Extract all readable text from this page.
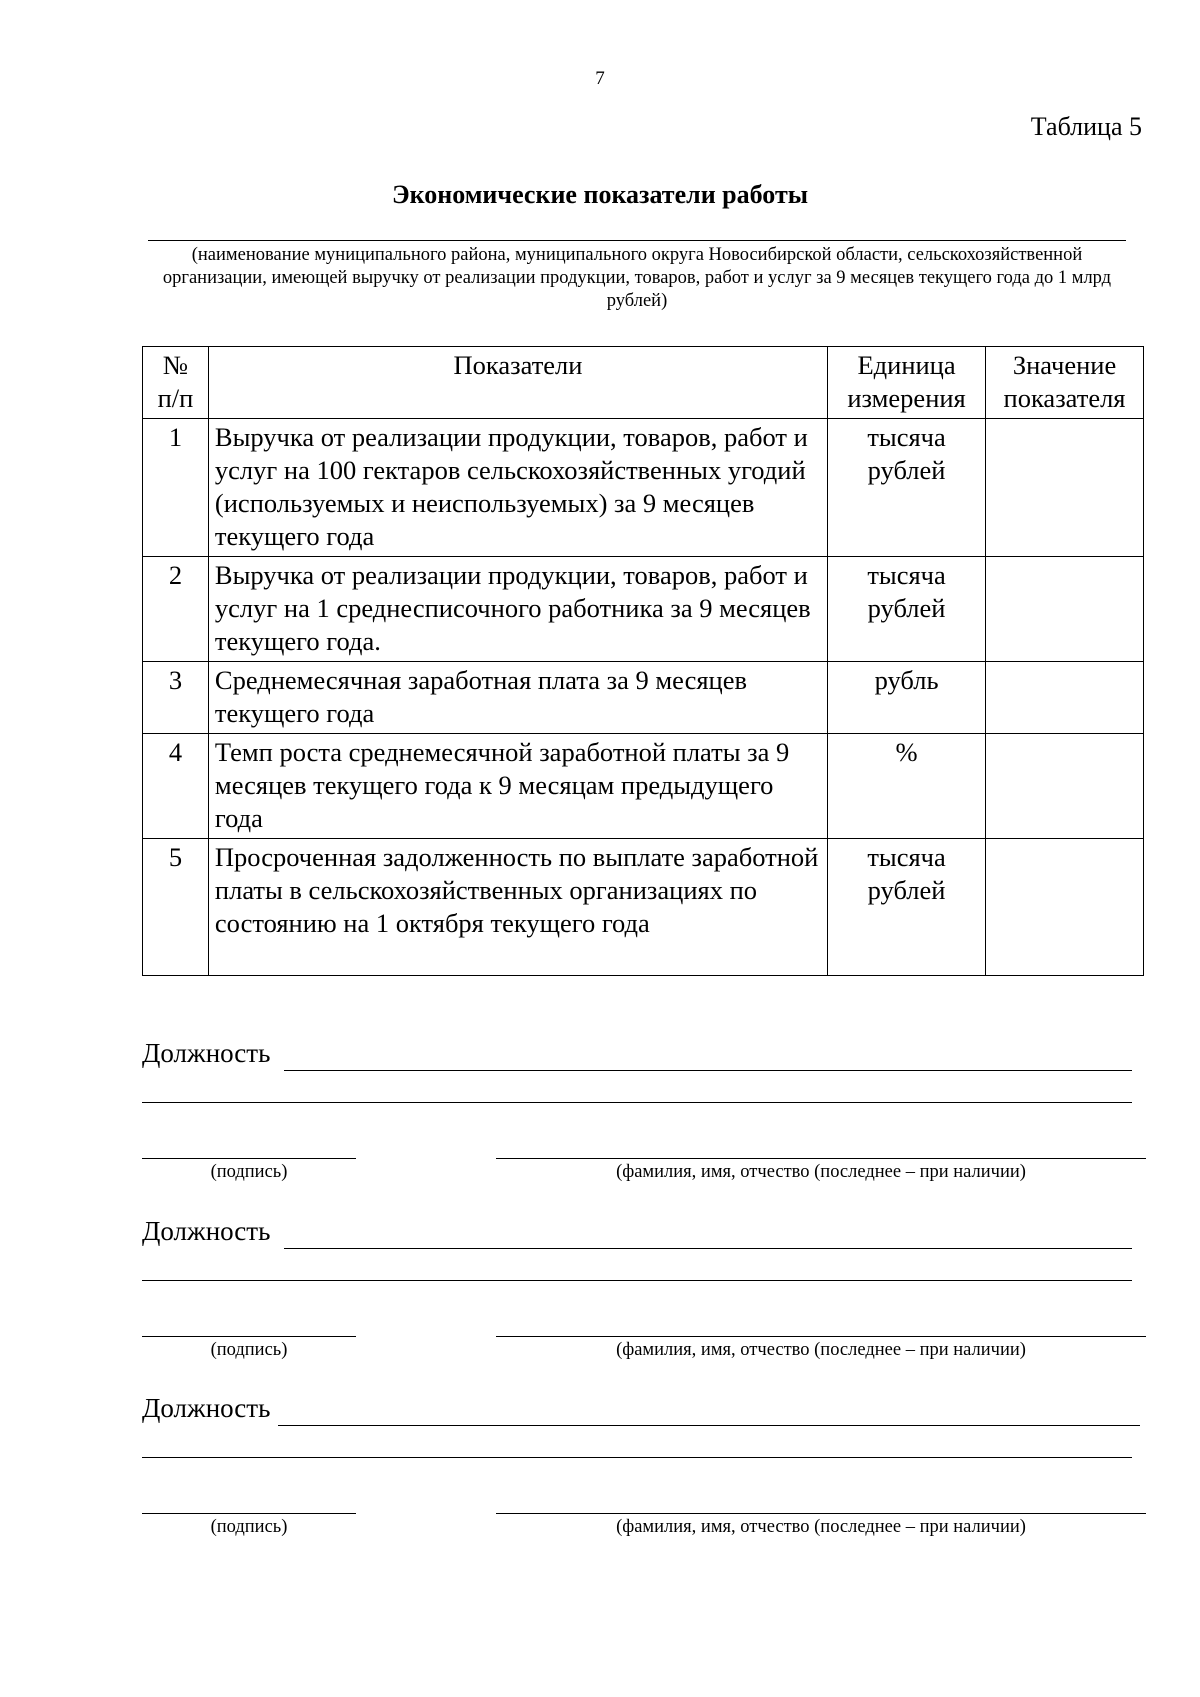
7
Таблица 5
Экономические показатели работы
(наименование муниципального района, муниципального округа Новосибирской области, сельскохозяйственной организации, имеющей выручку от реализации продукции, товаров, работ и услуг за 9 месяцев текущего года до 1 млрд рублей)
№ п/п	Показатели	Единица измерения	Значение показателя
1	Выручка от реализации продукции, товаров, работ и услуг на 100 гектаров сельскохозяйственных угодий (используемых и неиспользуемых) за 9 месяцев текущего года	тысяча рублей	
2	Выручка от реализации продукции, товаров, работ и услуг на 1 среднесписочного работника за 9 месяцев текущего года.	тысяча рублей	
3	Среднемесячная заработная плата за 9 месяцев текущего года	рубль	
4	Темп роста среднемесячной заработной платы за 9 месяцев текущего года к 9 месяцам предыдущего года	%	
5	Просроченная задолженность по выплате заработной платы в сельскохозяйственных организациях по состоянию на 1 октября текущего года	тысяча рублей	
Должность
(подпись)	(фамилия, имя, отчество (последнее – при наличии)
Должность
(подпись)	(фамилия, имя, отчество (последнее – при наличии)
Должность
(подпись)	(фамилия, имя, отчество (последнее – при наличии)
